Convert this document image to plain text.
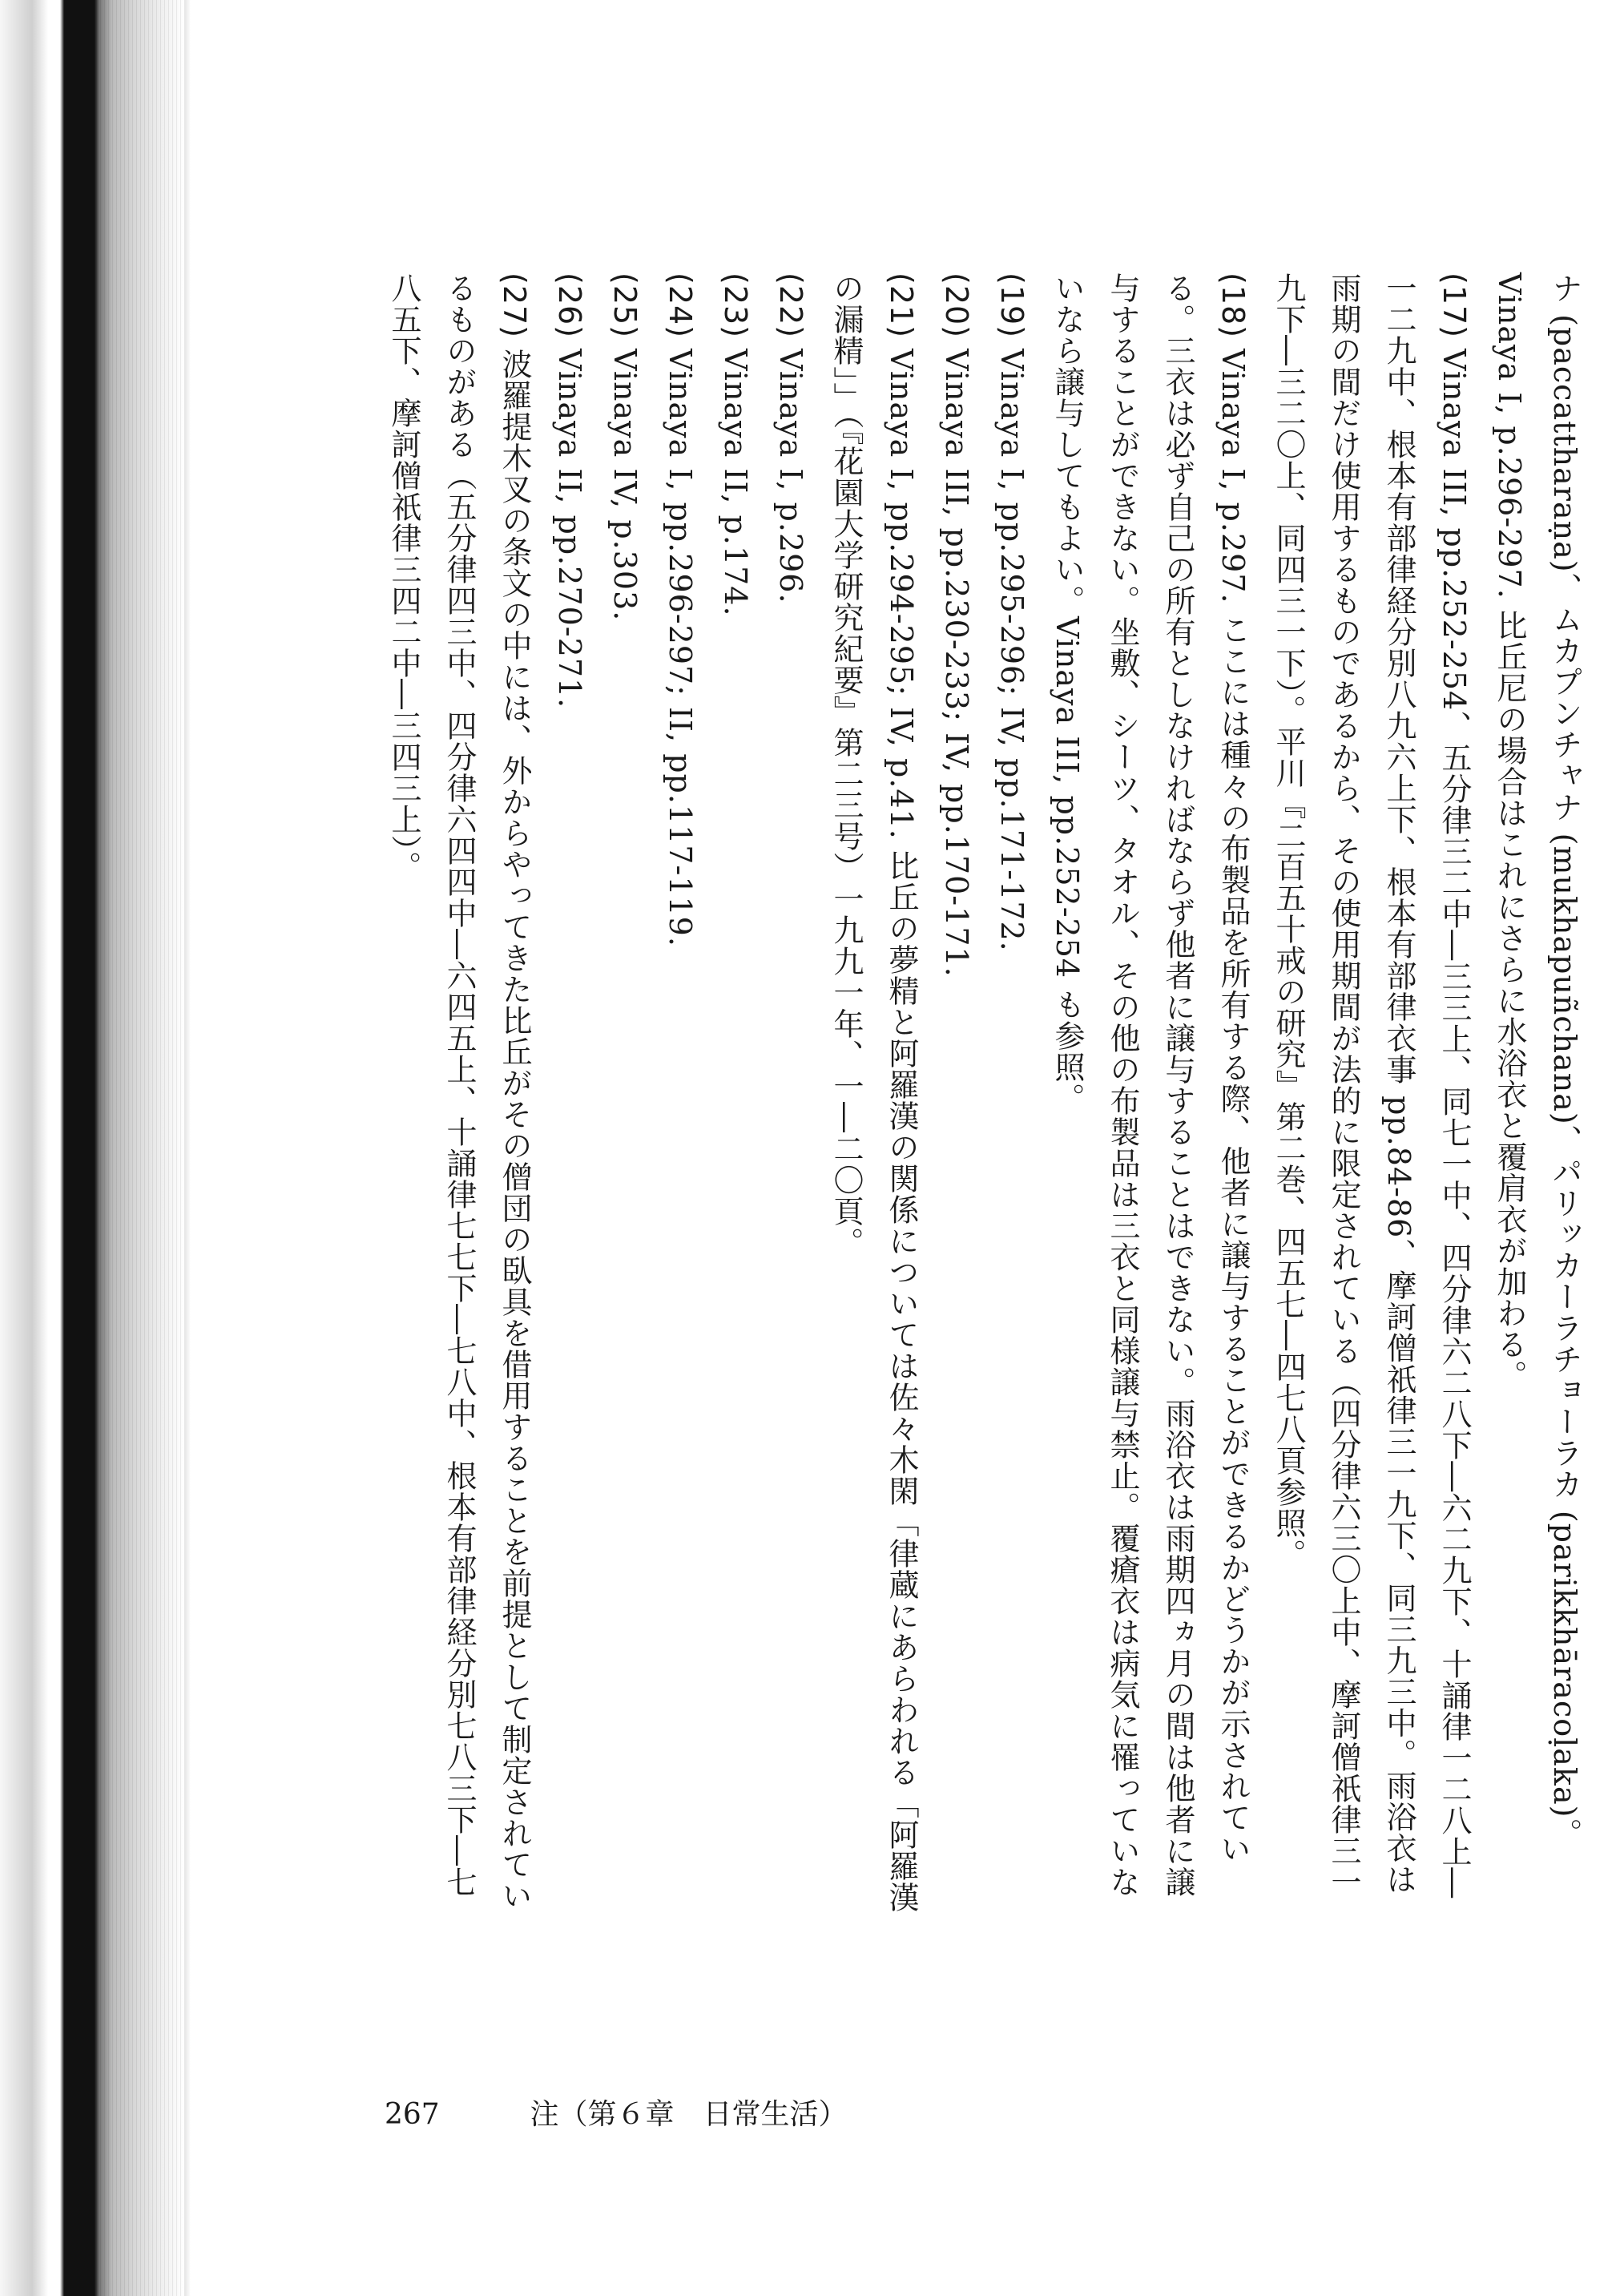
ナ (paccattharaṇa)、ムカプンチャナ (mukhapuñchana)、パリッカーラチョーラカ (parikkhāracoḷaka)。Vinaya I, p.296-297. 比丘尼の場合はこれにさらに水浴衣と覆肩衣が加わる。

(17) Vinaya III, pp.252-254、五分律三二中―三三上、同七一中、四分律六二八下―六二九下、十誦律一二八上―一二九中、根本有部律経分別八九六上下、根本有部律衣事 pp.84-86、摩訶僧祇律三一九下、同三九三中。雨浴衣は雨期の間だけ使用するものであるから、その使用期間が法的に限定されている（四分律六三〇上中、摩訶僧祇律三一九下―三二〇上、同四三一下）。平川『二百五十戒の研究』第二巻、四五七―四七八頁参照。

(18) Vinaya I, p.297. ここには種々の布製品を所有する際、他者に譲与することができるかどうかが示されている。三衣は必ず自己の所有としなければならず他者に譲与することはできない。雨浴衣は雨期四ヵ月の間は他者に譲与することができない。坐敷、シーツ、タオル、その他の布製品は三衣と同様譲与禁止。覆瘡衣は病気に罹っていないなら譲与してもよい。Vinaya III, pp.252-254 も参照。

(19) Vinaya I, pp.295-296; IV, pp.171-172.

(20) Vinaya III, pp.230-233; IV, pp.170-171.

(21) Vinaya I, pp.294-295; IV, p.41. 比丘の夢精と阿羅漢の関係については佐々木閑「律蔵にあらわれる「阿羅漢の漏精」」（『花園大学研究紀要』第二三号）一九九一年、一―二〇頁。

(22) Vinaya I, p.296.

(23) Vinaya II, p.174.

(24) Vinaya I, pp.296-297; II, pp.117-119.

(25) Vinaya IV, p.303.

(26) Vinaya II, pp.270-271.

(27) 波羅提木叉の条文の中には、外からやってきた比丘がその僧団の臥具を借用することを前提として制定されているものがある（五分律四三中、四分律六四四中―六四五上、十誦律七七下―七八中、根本有部律経分別七八三下―七八五下、摩訶僧祇律三四二中―三四三上）。

267	注（第６章　日常生活）
